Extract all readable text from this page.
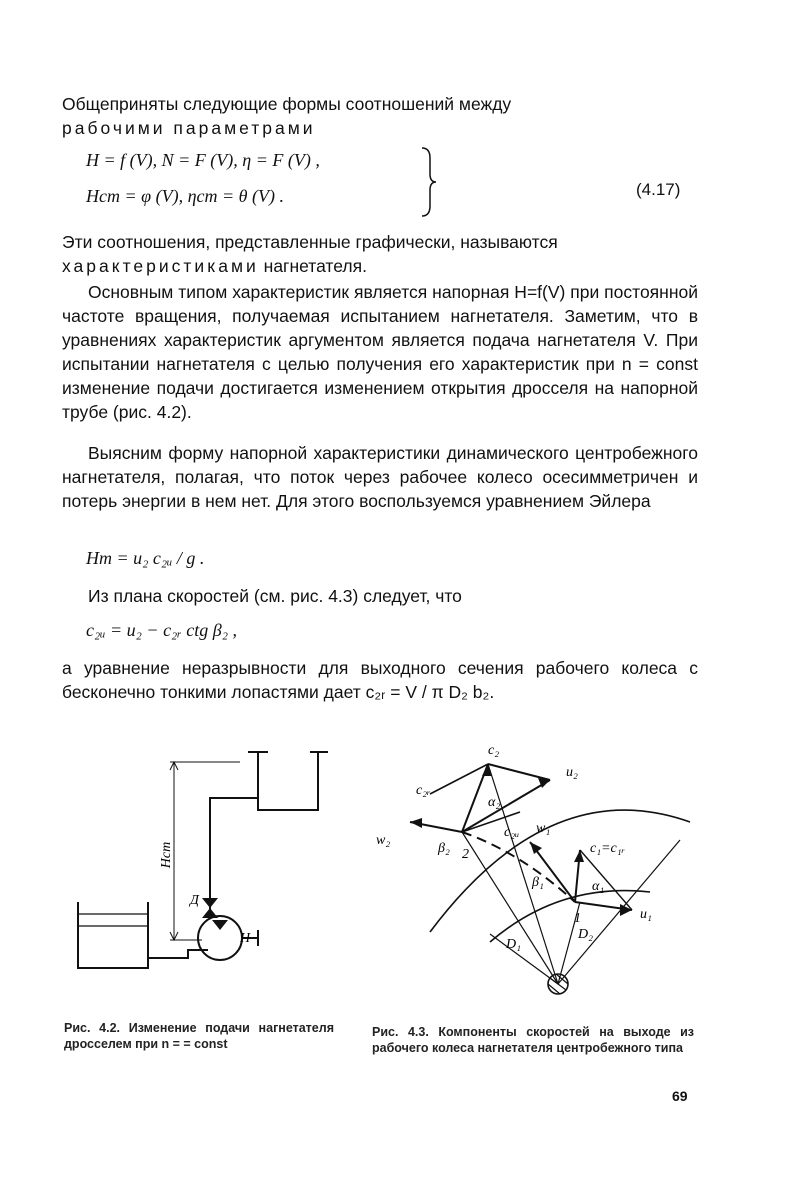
Общеприняты следующие формы соотношений между
рабочими параметрами

H = f (V), N = F (V), η = F (V) ,
Hст = φ (V), ηст = θ (V) .	(4.17)

Эти соотношения, представленные графически, называются
характеристиками нагнетателя.

Основным типом характеристик является напорная H=f(V) при постоянной частоте вращения, получаемая испытанием нагнетателя. Заметим, что в уравнениях характеристик аргументом является подача нагнетателя V. При испытании нагнетателя с целью получения его характеристик при n = const изменение подачи достигается изменением открытия дросселя на напорной трубе (рис. 4.2).

Выясним форму напорной характеристики динамического центробежного нагнетателя, полагая, что поток через рабочее колесо осесимметричен и потерь энергии в нем нет. Для этого воспользуемся уравнением Эйлера

Hт = u₂ c₂ᵤ / g .

Из плана скоростей (см. рис. 4.3) следует, что

c₂ᵤ = u₂ − c₂ᵣ ctg β₂ ,

а уравнение неразрывности для выходного сечения рабочего колеса с бесконечно тонкими лопастями дает c₂ᵣ = V / π D₂ b₂.

Hст
Д
Н
Рис. 4.2. Изменение подачи нагнетателя дросселем при n = = const
c₂
u₂
c₂ᵣ
α₂
w₂
β₂ 2
c₂ᵤ w₁
c₁=c₁ᵣ
β₁	α₁
1	u₁
D₁
D₂
Рис. 4.3. Компоненты скоростей на выходе из рабочего колеса нагнетателя центробежного типа
69
